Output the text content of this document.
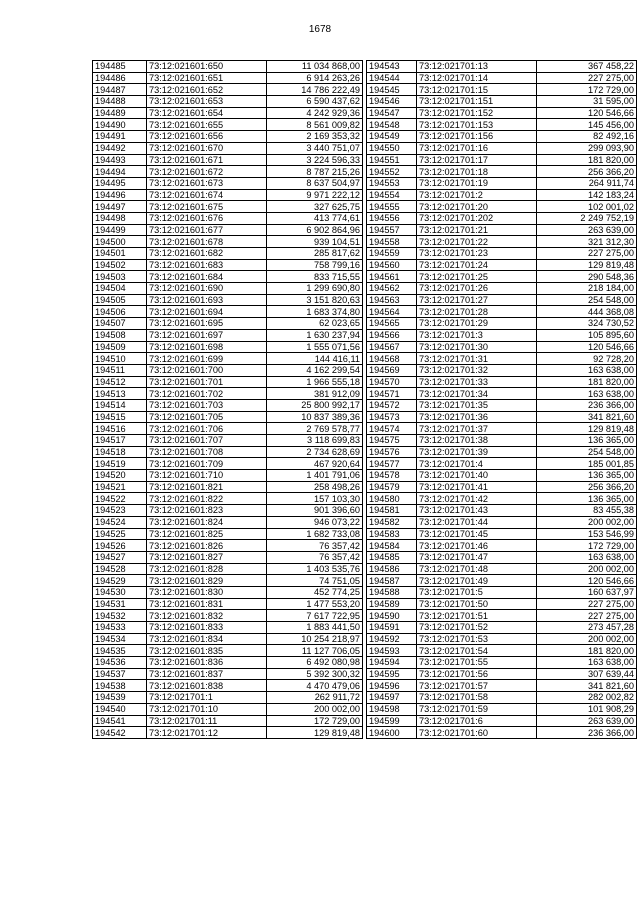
1678
194485	73:12:021601:650	11 034 868,00
194486	73:12:021601:651	6 914 263,26
194487	73:12:021601:652	14 786 222,49
194488	73:12:021601:653	6 590 437,62
194489	73:12:021601:654	4 242 929,36
194490	73:12:021601:655	8 561 009,82
194491	73:12:021601:656	2 169 353,32
194492	73:12:021601:670	3 440 751,07
194493	73:12:021601:671	3 224 596,33
194494	73:12:021601:672	8 787 215,26
194495	73:12:021601:673	8 637 504,97
194496	73:12:021601:674	9 971 222,12
194497	73:12:021601:675	327 625,75
194498	73:12:021601:676	413 774,61
194499	73:12:021601:677	6 902 864,96
194500	73:12:021601:678	939 104,51
194501	73:12:021601:682	285 817,62
194502	73:12:021601:683	758 799,16
194503	73:12:021601:684	833 715,55
194504	73:12:021601:690	1 299 690,80
194505	73:12:021601:693	3 151 820,63
194506	73:12:021601:694	1 683 374,80
194507	73:12:021601:695	62 023,65
194508	73:12:021601:697	1 630 237,94
194509	73:12:021601:698	1 555 071,56
194510	73:12:021601:699	144 416,11
194511	73:12:021601:700	4 162 299,54
194512	73:12:021601:701	1 966 555,18
194513	73:12:021601:702	381 912,09
194514	73:12:021601:703	25 800 992,17
194515	73:12:021601:705	10 837 389,36
194516	73:12:021601:706	2 769 578,77
194517	73:12:021601:707	3 118 699,83
194518	73:12:021601:708	2 734 628,69
194519	73:12:021601:709	467 920,64
194520	73:12:021601:710	1 401 791,06
194521	73:12:021601:821	258 498,26
194522	73:12:021601:822	157 103,30
194523	73:12:021601:823	901 396,60
194524	73:12:021601:824	946 073,22
194525	73:12:021601:825	1 682 733,08
194526	73:12:021601:826	76 357,42
194527	73:12:021601:827	76 357,42
194528	73:12:021601:828	1 403 535,76
194529	73:12:021601:829	74 751,05
194530	73:12:021601:830	452 774,25
194531	73:12:021601:831	1 477 553,20
194532	73:12:021601:832	7 617 722,95
194533	73:12:021601:833	1 883 441,50
194534	73:12:021601:834	10 254 218,97
194535	73:12:021601:835	11 127 706,05
194536	73:12:021601:836	6 492 080,98
194537	73:12:021601:837	5 392 300,32
194538	73:12:021601:838	4 470 479,06
194539	73:12:021701:1	262 911,72
194540	73:12:021701:10	200 002,00
194541	73:12:021701:11	172 729,00
194542	73:12:021701:12	129 819,48
194543	73:12:021701:13	367 458,22
194544	73:12:021701:14	227 275,00
194545	73:12:021701:15	172 729,00
194546	73:12:021701:151	31 595,00
194547	73:12:021701:152	120 546,66
194548	73:12:021701:153	145 456,00
194549	73:12:021701:156	82 492,16
194550	73:12:021701:16	299 093,90
194551	73:12:021701:17	181 820,00
194552	73:12:021701:18	256 366,20
194553	73:12:021701:19	264 911,74
194554	73:12:021701:2	142 183,24
194555	73:12:021701:20	102 001,02
194556	73:12:021701:202	2 249 752,19
194557	73:12:021701:21	263 639,00
194558	73:12:021701:22	321 312,30
194559	73:12:021701:23	227 275,00
194560	73:12:021701:24	129 819,48
194561	73:12:021701:25	290 548,36
194562	73:12:021701:26	218 184,00
194563	73:12:021701:27	254 548,00
194564	73:12:021701:28	444 368,08
194565	73:12:021701:29	324 730,52
194566	73:12:021701:3	105 895,60
194567	73:12:021701:30	120 546,66
194568	73:12:021701:31	92 728,20
194569	73:12:021701:32	163 638,00
194570	73:12:021701:33	181 820,00
194571	73:12:021701:34	163 638,00
194572	73:12:021701:35	236 366,00
194573	73:12:021701:36	341 821,60
194574	73:12:021701:37	129 819,48
194575	73:12:021701:38	136 365,00
194576	73:12:021701:39	254 548,00
194577	73:12:021701:4	185 001,85
194578	73:12:021701:40	136 365,00
194579	73:12:021701:41	256 366,20
194580	73:12:021701:42	136 365,00
194581	73:12:021701:43	83 455,38
194582	73:12:021701:44	200 002,00
194583	73:12:021701:45	153 546,99
194584	73:12:021701:46	172 729,00
194585	73:12:021701:47	163 638,00
194586	73:12:021701:48	200 002,00
194587	73:12:021701:49	120 546,66
194588	73:12:021701:5	160 637,97
194589	73:12:021701:50	227 275,00
194590	73:12:021701:51	227 275,00
194591	73:12:021701:52	273 457,28
194592	73:12:021701:53	200 002,00
194593	73:12:021701:54	181 820,00
194594	73:12:021701:55	163 638,00
194595	73:12:021701:56	307 639,44
194596	73:12:021701:57	341 821,60
194597	73:12:021701:58	282 002,82
194598	73:12:021701:59	101 908,29
194599	73:12:021701:6	263 639,00
194600	73:12:021701:60	236 366,00
